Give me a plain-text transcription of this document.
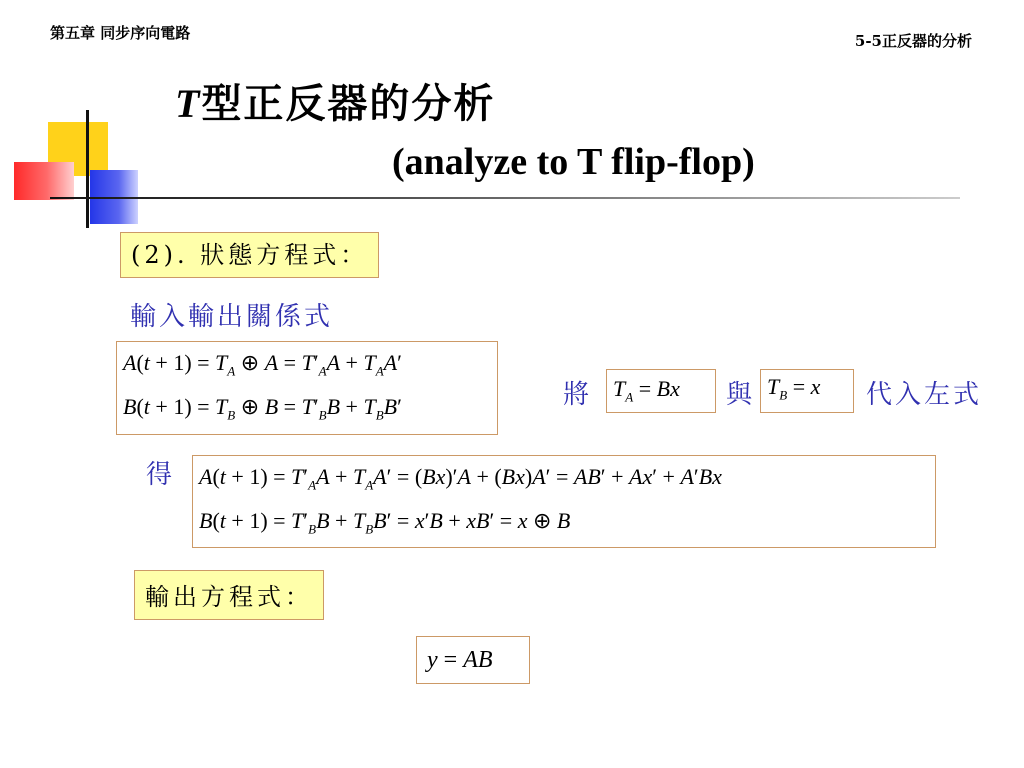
第五章 同步序向電路	5-5正反器的分析
T型正反器的分析
(analyze to T flip-flop)
(2). 狀態方程式：
輸入輸出關係式
$A(t + 1) = T_A$ ⊕ $A = T'_AA + T_AA'$
$B(t + 1) = T_B$ ⊕ $B = T'_BB + T_BB'$	將 $T_A = Bx$ 與 $T_B = x$ 代入左式
得 $A(t + 1) = T'_AA + T_AA' = (Bx)'A + (Bx)A' = AB' + Ax' + A'Bx$
$B(t + 1) = T'_BB + T_BB' = x'B + xB' = x$ ⊕ B
輸出方程式：
y = AB
